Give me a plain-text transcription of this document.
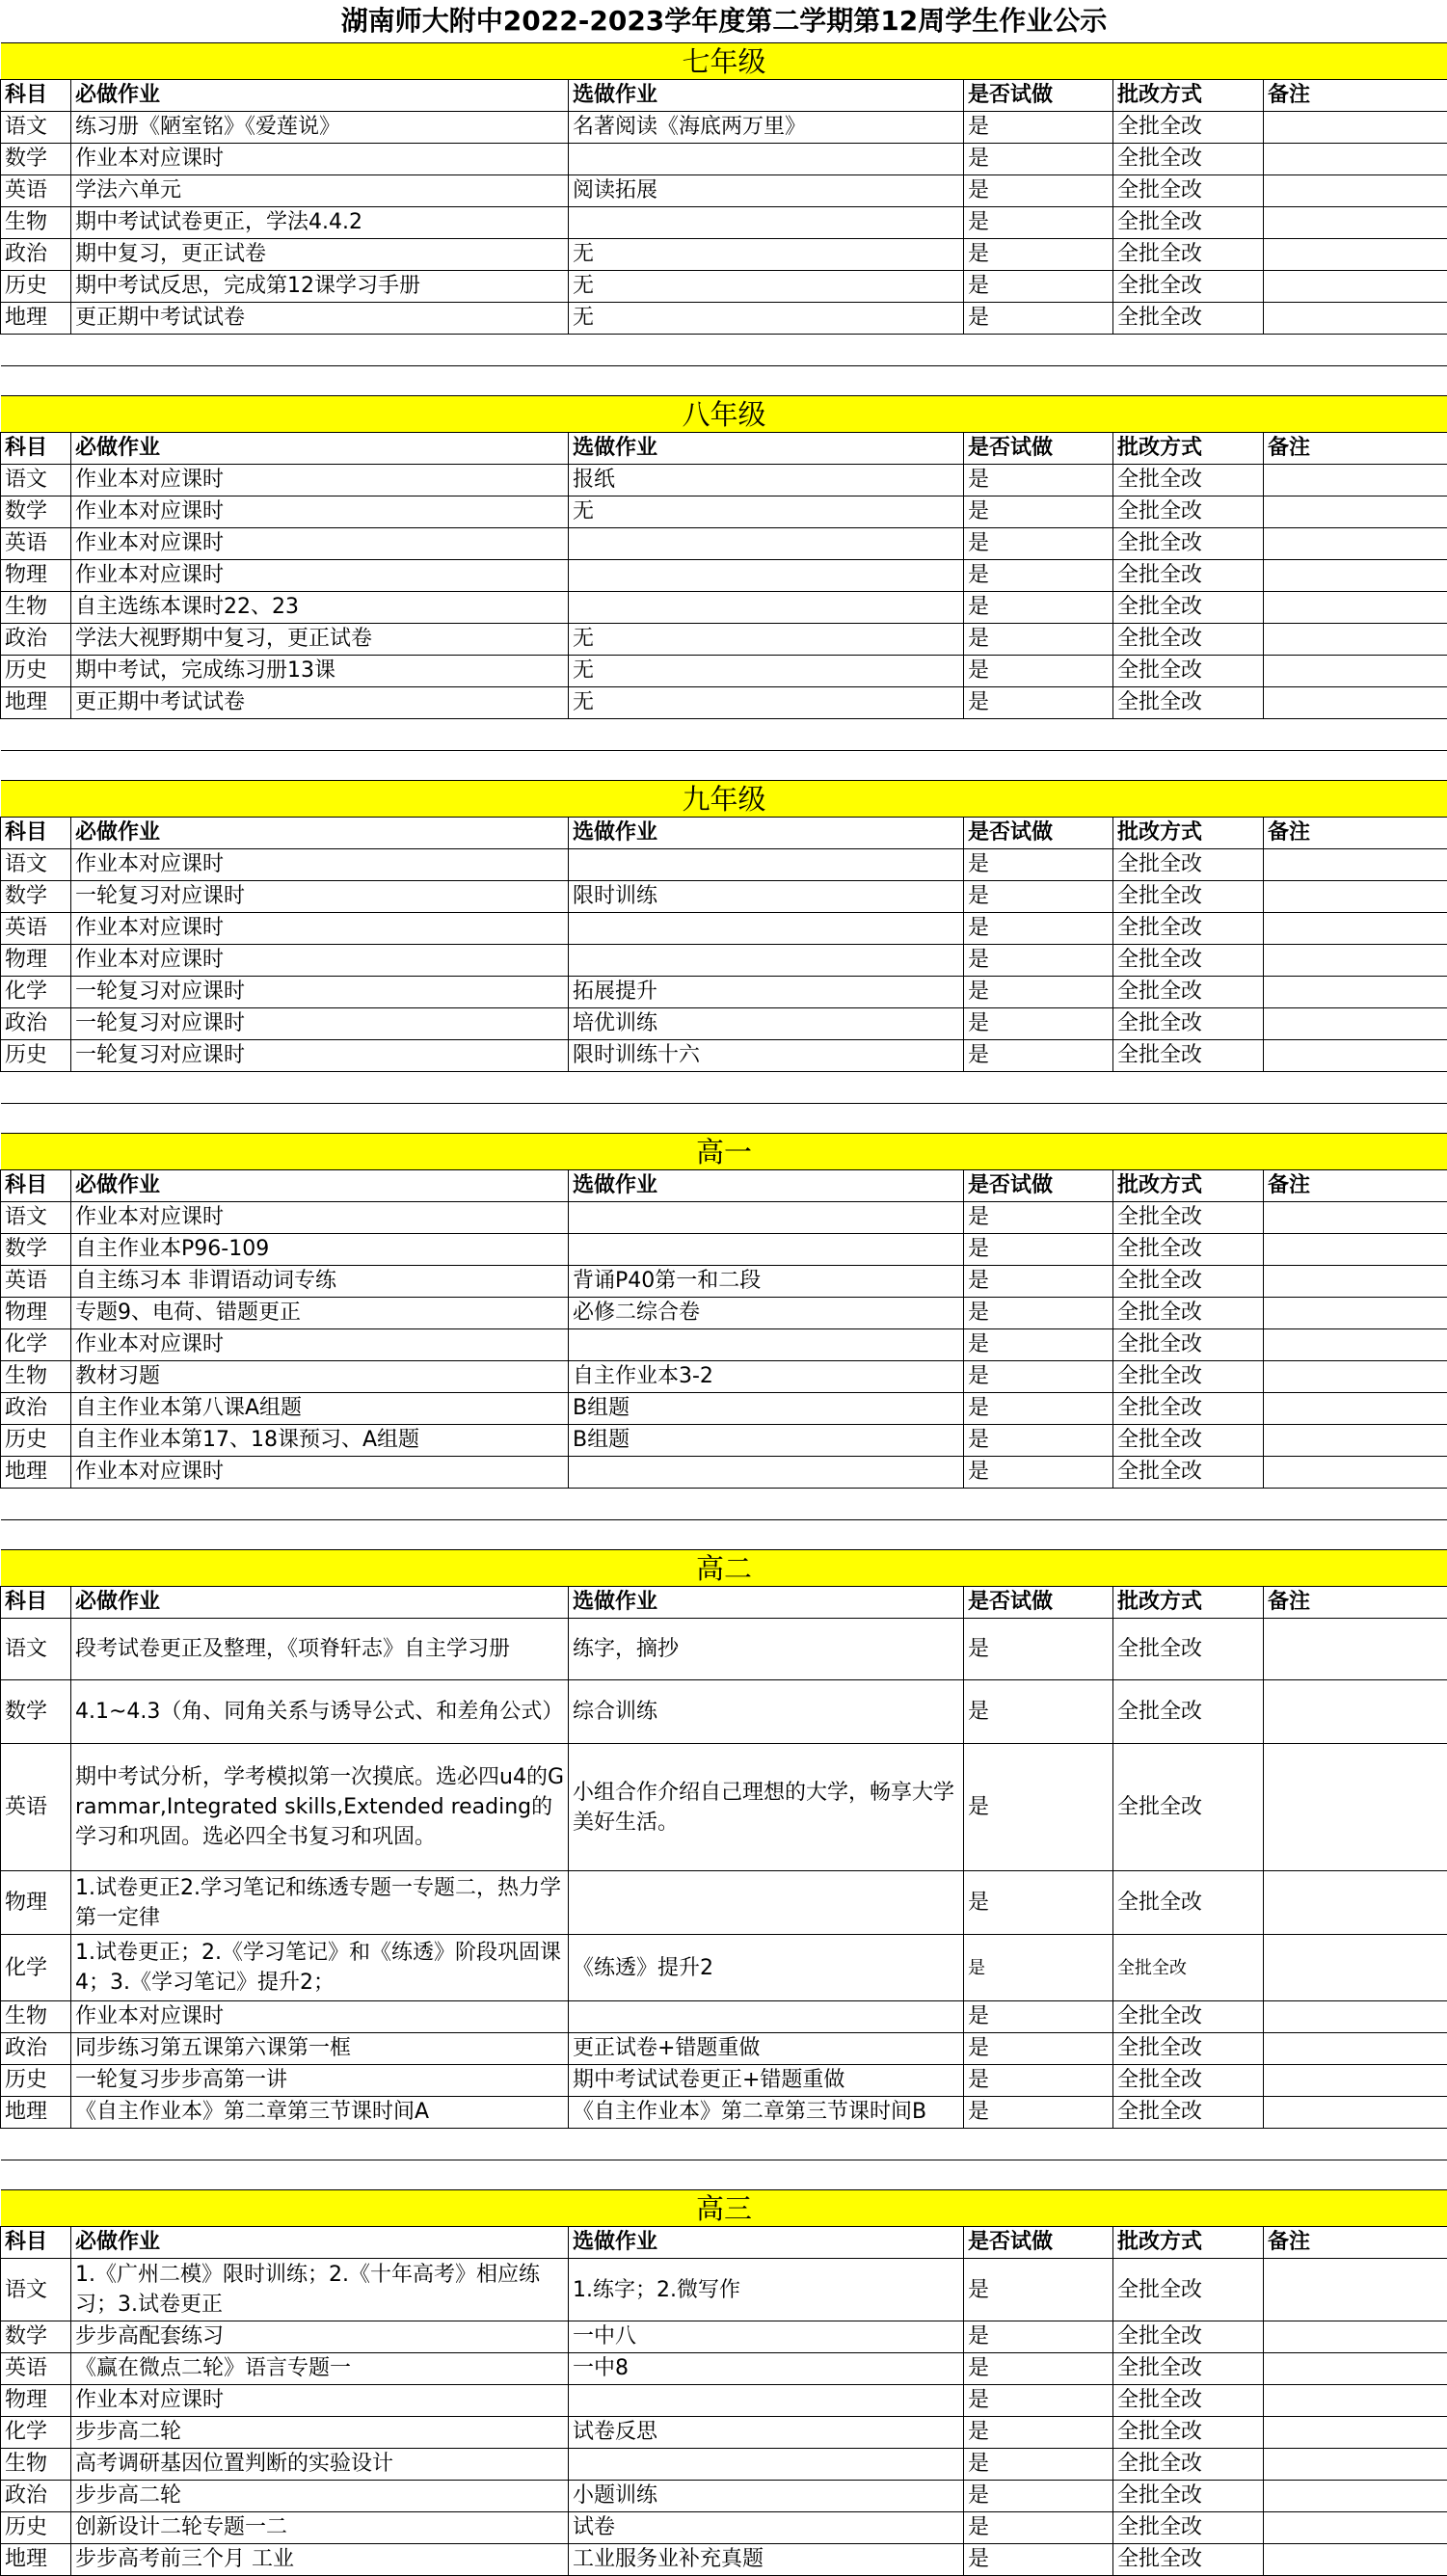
湖南师大附中2022-2023学年度第二学期第12周学生作业公示					
七年级					
科目	必做作业	选做作业	是否试做	批改方式	备注
语文	练习册《陋室铭》《爱莲说》	名著阅读《海底两万里》	是	全批全改	
数学	作业本对应课时		是	全批全改	
英语	学法六单元	阅读拓展	是	全批全改	
生物	期中考试试卷更正，学法4.4.2		是	全批全改	
政治	期中复习，更正试卷	无	是	全批全改	
历史	期中考试反思，完成第12课学习手册	无	是	全批全改	
地理	更正期中考试试卷	无	是	全批全改	

八年级					
科目	必做作业	选做作业	是否试做	批改方式	备注
语文	作业本对应课时	报纸	是	全批全改	
数学	作业本对应课时	无	是	全批全改	
英语	作业本对应课时		是	全批全改	
物理	作业本对应课时		是	全批全改	
生物	自主选练本课时22、23		是	全批全改	
政治	学法大视野期中复习，更正试卷	无	是	全批全改	
历史	期中考试，完成练习册13课	无	是	全批全改	
地理	更正期中考试试卷	无	是	全批全改	

九年级					
科目	必做作业	选做作业	是否试做	批改方式	备注
语文	作业本对应课时		是	全批全改	
数学	一轮复习对应课时	限时训练	是	全批全改	
英语	作业本对应课时		是	全批全改	
物理	作业本对应课时		是	全批全改	
化学	一轮复习对应课时	拓展提升	是	全批全改	
政治	一轮复习对应课时	培优训练	是	全批全改	
历史	一轮复习对应课时	限时训练十六	是	全批全改	

高一					
科目	必做作业	选做作业	是否试做	批改方式	备注
语文	作业本对应课时		是	全批全改	
数学	自主作业本P96-109		是	全批全改	
英语	自主练习本 非谓语动词专练	背诵P40第一和二段	是	全批全改	
物理	专题9、电荷、错题更正	必修二综合卷	是	全批全改	
化学	作业本对应课时		是	全批全改	
生物	教材习题	自主作业本3-2	是	全批全改	
政治	自主作业本第八课A组题	B组题	是	全批全改	
历史	自主作业本第17、18课预习、A组题	B组题	是	全批全改	
地理	作业本对应课时		是	全批全改	

高二					
科目	必做作业	选做作业	是否试做	批改方式	备注
语文	段考试卷更正及整理，《项脊轩志》自主学习册	练字，摘抄	是	全批全改	
数学	4.1~4.3（角、同角关系与诱导公式、和差角公式）	综合训练	是	全批全改	
英语	期中考试分析，学考模拟第一次摸底。选必四u4的Grammar,Integrated skills,Extended reading的学习和巩固。选必四全书复习和巩固。	小组合作介绍自己理想的大学，畅享大学美好生活。	是	全批全改	
物理	1.试卷更正2.学习笔记和练透专题一专题二，热力学第一定律		是	全批全改	
化学	1.试卷更正；2.《学习笔记》和《练透》阶段巩固课4；3.《学习笔记》提升2；	《练透》提升2	是	全批全改	
生物	作业本对应课时		是	全批全改	
政治	同步练习第五课第六课第一框	更正试卷+错题重做	是	全批全改	
历史	一轮复习步步高第一讲	期中考试试卷更正+错题重做	是	全批全改	
地理	《自主作业本》第二章第三节课时间A	《自主作业本》第二章第三节课时间B	是	全批全改	

高三					
科目	必做作业	选做作业	是否试做	批改方式	备注
语文	1.《广州二模》限时训练；2.《十年高考》相应练习；3.试卷更正	1.练字；2.微写作	是	全批全改	
数学	步步高配套练习	一中八	是	全批全改	
英语	《赢在微点二轮》语言专题一	一中8	是	全批全改	
物理	作业本对应课时		是	全批全改	
化学	步步高二轮	试卷反思	是	全批全改	
生物	高考调研基因位置判断的实验设计		是	全批全改	
政治	步步高二轮	小题训练	是	全批全改	
历史	创新设计二轮专题一二	试卷	是	全批全改	
地理	步步高考前三个月 工业	工业服务业补充真题	是	全批全改	
